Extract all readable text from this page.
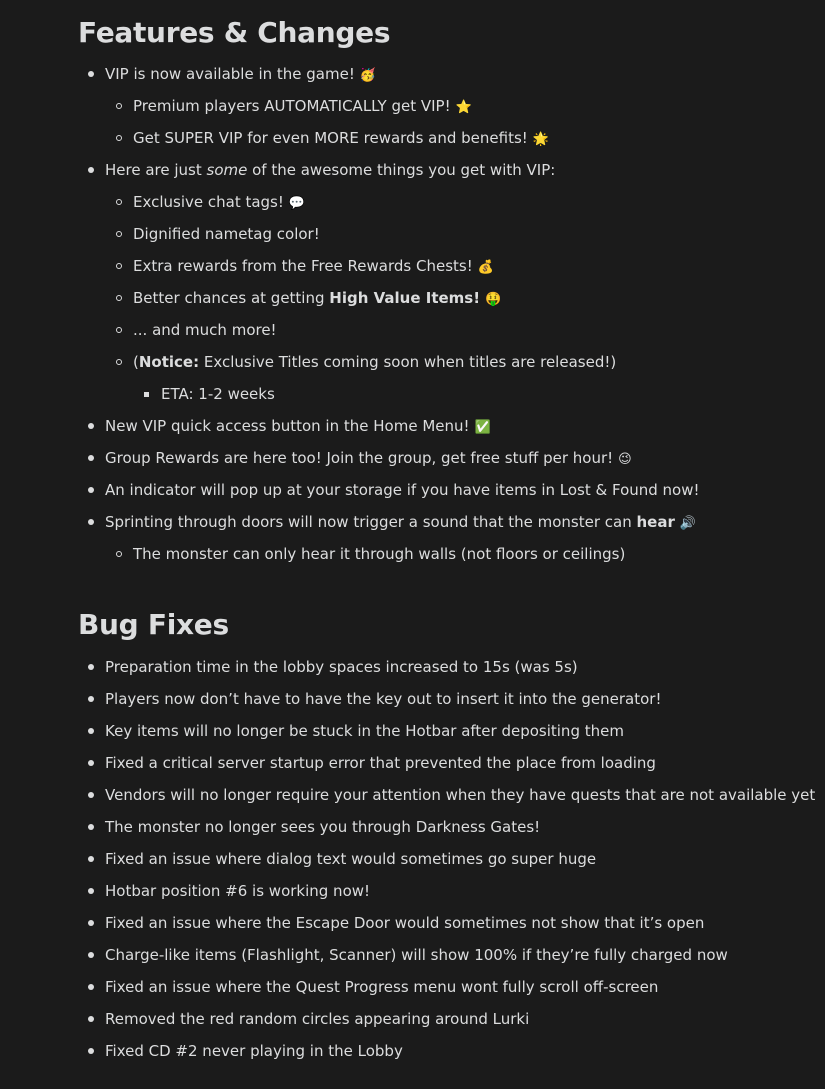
Features & Changes
VIP is now available in the game! 🥳
Premium players AUTOMATICALLY get VIP! ⭐
Get SUPER VIP for even MORE rewards and benefits! 🌟
Here are just some of the awesome things you get with VIP:
Exclusive chat tags! 💬
Dignified nametag color!
Extra rewards from the Free Rewards Chests! 💰
Better chances at getting High Value Items! 🤑
... and much more!
(Notice: Exclusive Titles coming soon when titles are released!)
ETA: 1-2 weeks
New VIP quick access button in the Home Menu! ✅
Group Rewards are here too! Join the group, get free stuff per hour! 😉
An indicator will pop up at your storage if you have items in Lost & Found now!
Sprinting through doors will now trigger a sound that the monster can hear 🔊
The monster can only hear it through walls (not floors or ceilings)
Bug Fixes
Preparation time in the lobby spaces increased to 15s (was 5s)
Players now don’t have to have the key out to insert it into the generator!
Key items will no longer be stuck in the Hotbar after depositing them
Fixed a critical server startup error that prevented the place from loading
Vendors will no longer require your attention when they have quests that are not available yet
The monster no longer sees you through Darkness Gates!
Fixed an issue where dialog text would sometimes go super huge
Hotbar position #6 is working now!
Fixed an issue where the Escape Door would sometimes not show that it’s open
Charge-like items (Flashlight, Scanner) will show 100% if they’re fully charged now
Fixed an issue where the Quest Progress menu wont fully scroll off-screen
Removed the red random circles appearing around Lurki
Fixed CD #2 never playing in the Lobby
